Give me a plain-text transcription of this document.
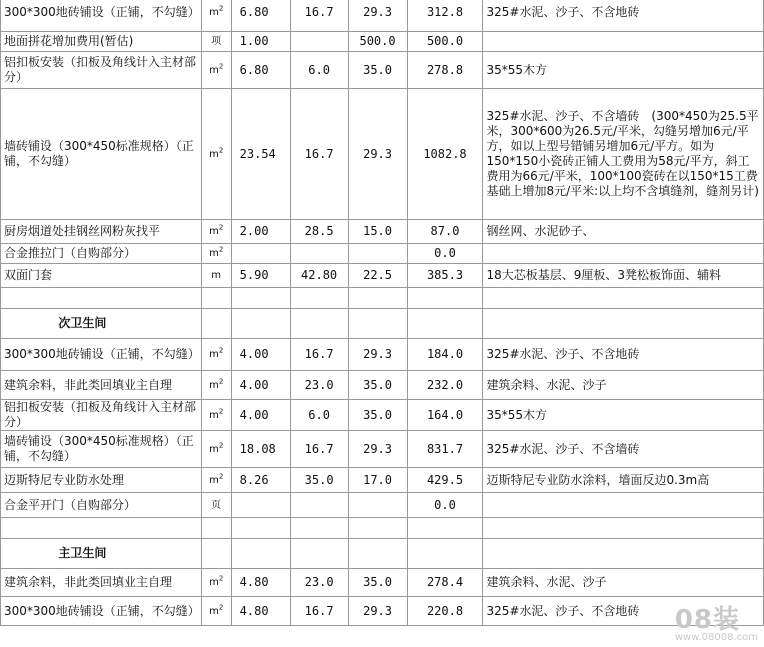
300*300地砖铺设（正铺，不勾缝）	$m^2$	6.80	16.7	29.3	312.8	325#水泥、沙子、不含地砖
地面拼花增加费用(暂估)	项	1.00		500.0	500.0	
铝扣板安装（扣板及角线计入主材部分）	$m^2$	6.80	6.0	35.0	278.8	35*55木方
墙砖铺设（300*450标准规格）（正铺，不勾缝）	$m^2$	23.54	16.7	29.3	1082.8	325#水泥、沙子、不含墙砖　(300*450为25.5平米，300*600为26.5元/平米，勾缝另增加6元/平方，如以上型号错铺另增加6元/平方。如为150*150小瓷砖正铺人工费用为58元/平方，斜工费用为66元/平米，100*100瓷砖在以150*15工费基础上增加8元/平米:以上均不含填缝剂，缝剂另计)
厨房烟道处挂钢丝网粉灰找平	$m^2$	2.00	28.5	15.0	87.0	钢丝网、水泥砂子、
合金推拉门（自购部分）	$m^2$				0.0	
双面门套	m	5.90	42.80	22.5	385.3	18大芯板基层、9厘板、3凳松板饰面、辅料

次卫生间						
300*300地砖铺设（正铺，不勾缝）	$m^2$	4.00	16.7	29.3	184.0	325#水泥、沙子、不含地砖
建筑余料，非此类回填业主自理	$m^2$	4.00	23.0	35.0	232.0	建筑余料、水泥、沙子
铝扣板安装（扣板及角线计入主材部分）	$m^2$	4.00	6.0	35.0	164.0	35*55木方
墙砖铺设（300*450标准规格）（正铺，不勾缝）	$m^2$	18.08	16.7	29.3	831.7	325#水泥、沙子、不含墙砖
迈斯特尼专业防水处理	$m^2$	8.26	35.0	17.0	429.5	迈斯特尼专业防水涂料，墙面反边0.3m高
合金平开门（自购部分）	页				0.0	

主卫生间						
建筑余料，非此类回填业主自理	$m^2$	4.80	23.0	35.0	278.4	建筑余料、水泥、沙子
300*300地砖铺设（正铺，不勾缝）	$m^2$	4.80	16.7	29.3	220.8	325#水泥、沙子、不含地砖 08装
www.08008.com
